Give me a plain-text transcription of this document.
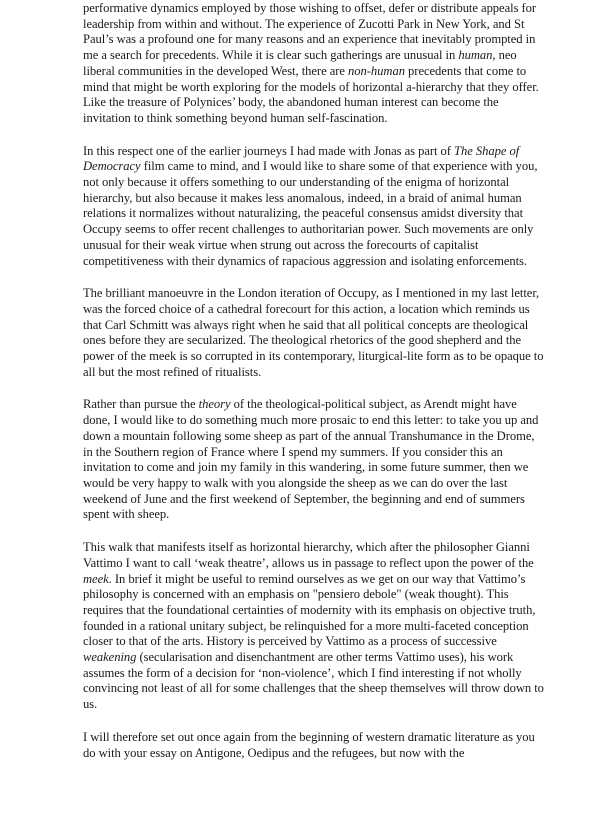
performative dynamics employed by those wishing to offset, defer or distribute appeals for leadership from within and without. The experience of Zucotti Park in New York, and St Paul’s was a profound one for many reasons and an experience that inevitably prompted in me a search for precedents. While it is clear such gatherings are unusual in human, neo liberal communities in the developed West, there are non-human precedents that come to mind that might be worth exploring for the models of horizontal a-hierarchy that they offer. Like the treasure of Polynices’ body, the abandoned human interest can become the invitation to think something beyond human self-fascination.

In this respect one of the earlier journeys I had made with Jonas as part of The Shape of Democracy film came to mind, and I would like to share some of that experience with you, not only because it offers something to our understanding of the enigma of horizontal hierarchy, but also because it makes less anomalous, indeed, in a braid of animal human relations it normalizes without naturalizing, the peaceful consensus amidst diversity that Occupy seems to offer recent challenges to authoritarian power. Such movements are only unusual for their weak virtue when strung out across the forecourts of capitalist competitiveness with their dynamics of rapacious aggression and isolating enforcements.

The brilliant manoeuvre in the London iteration of Occupy, as I mentioned in my last letter, was the forced choice of a cathedral forecourt for this action, a location which reminds us that Carl Schmitt was always right when he said that all political concepts are theological ones before they are secularized. The theological rhetorics of the good shepherd and the power of the meek is so corrupted in its contemporary, liturgical-lite form as to be opaque to all but the most refined of ritualists.

Rather than pursue the theory of the theological-political subject, as Arendt might have done, I would like to do something much more prosaic to end this letter: to take you up and down a mountain following some sheep as part of the annual Transhumance in the Drome, in the Southern region of France where I spend my summers. If you consider this an invitation to come and join my family in this wandering, in some future summer, then we would be very happy to walk with you alongside the sheep as we can do over the last weekend of June and the first weekend of September, the beginning and end of summers spent with sheep.

This walk that manifests itself as horizontal hierarchy, which after the philosopher Gianni Vattimo I want to call ‘weak theatre’, allows us in passage to reflect upon the power of the meek. In brief it might be useful to remind ourselves as we get on our way that Vattimo’s philosophy is concerned with an emphasis on "pensiero debole" (weak thought). This requires that the foundational certainties of modernity with its emphasis on objective truth, founded in a rational unitary subject, be relinquished for a more multi-faceted conception closer to that of the arts. History is perceived by Vattimo as a process of successive weakening (secularisation and disenchantment are other terms Vattimo uses), his work assumes the form of a decision for ‘non-violence’, which I find interesting if not wholly convincing not least of all for some challenges that the sheep themselves will throw down to us.

I will therefore set out once again from the beginning of western dramatic literature as you do with your essay on Antigone, Oedipus and the refugees, but now with the
